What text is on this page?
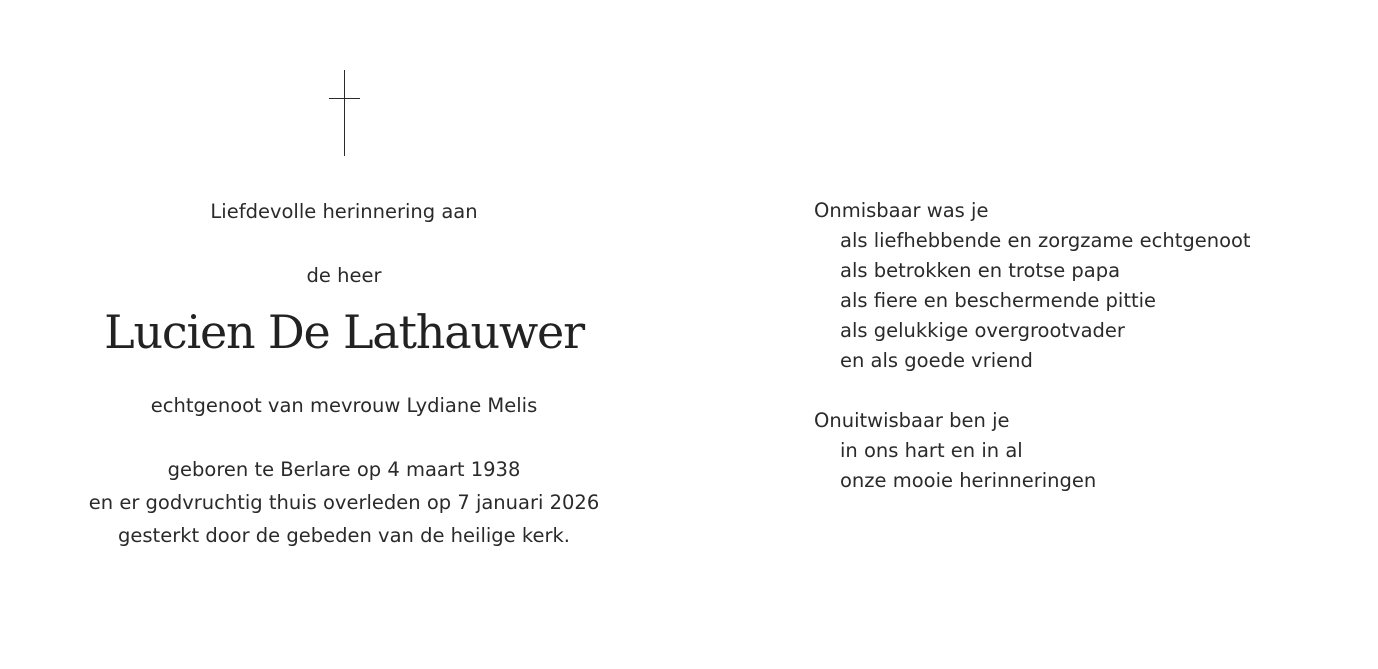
Liefdevolle herinnering aan
de heer
Lucien De Lathauwer
echtgenoot van mevrouw Lydiane Melis
geboren te Berlare op 4 maart 1938
en er godvruchtig thuis overleden op 7 januari 2026
gesterkt door de gebeden van de heilige kerk.
Onmisbaar was je
als liefhebbende en zorgzame echtgenoot
als betrokken en trotse papa
als fiere en beschermende pittie
als gelukkige overgrootvader
en als goede vriend
Onuitwisbaar ben je
in ons hart en in al
onze mooie herinneringen
